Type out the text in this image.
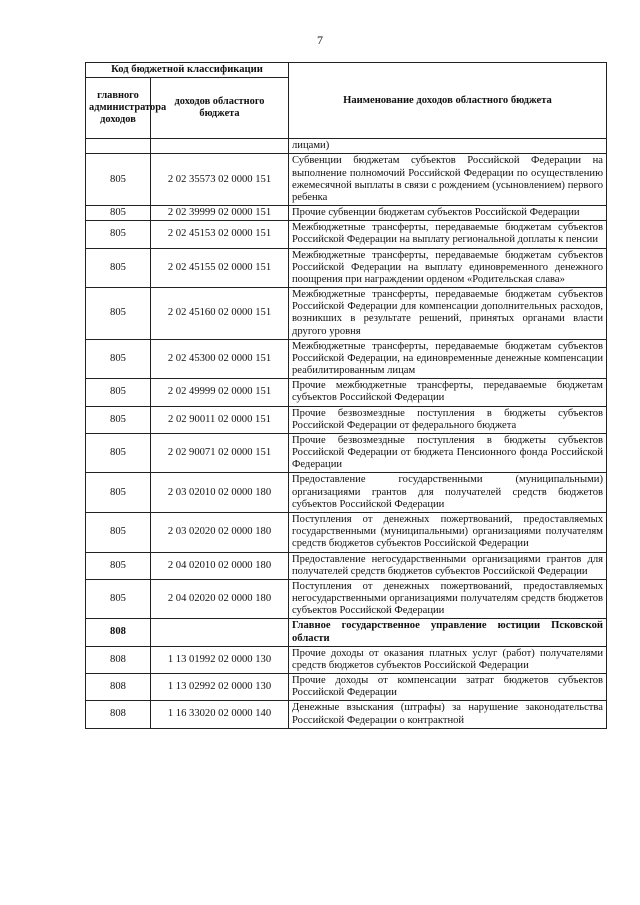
7
Код бюджетной классификации		Наименование доходов областного бюджета
главного администратора доходов	доходов областного бюджета	
		лицами)
805	2 02 35573 02 0000 151	Субвенции бюджетам субъектов Российской Федерации на выполнение полномочий Российской Федерации по осуществлению ежемесячной выплаты в связи с рождением (усыновлением) первого ребенка
805	2 02 39999 02 0000 151	Прочие субвенции бюджетам субъектов Российской Федерации
805	2 02 45153 02 0000 151	Межбюджетные трансферты, передаваемые бюджетам субъектов Российской Федерации на выплату региональной доплаты к пенсии
805	2 02 45155 02 0000 151	Межбюджетные трансферты, передаваемые бюджетам субъектов Российской Федерации на выплату единовременного денежного поощрения при награждении орденом «Родительская слава»
805	2 02 45160 02 0000 151	Межбюджетные трансферты, передаваемые бюджетам субъектов Российской Федерации для компенсации дополнительных расходов, возникших в результате решений, принятых органами власти другого уровня
805	2 02 45300 02 0000 151	Межбюджетные трансферты, передаваемые бюджетам субъектов Российской Федерации, на единовременные денежные компенсации реабилитированным лицам
805	2 02 49999 02 0000 151	Прочие межбюджетные трансферты, передаваемые бюджетам субъектов Российской Федерации
805	2 02 90011 02 0000 151	Прочие безвозмездные поступления в бюджеты субъектов Российской Федерации от федерального бюджета
805	2 02 90071 02 0000 151	Прочие безвозмездные поступления в бюджеты субъектов Российской Федерации от бюджета Пенсионного фонда Российской Федерации
805	2 03 02010 02 0000 180	Предоставление государственными (муниципальными) организациями грантов для получателей средств бюджетов субъектов Российской Федерации
805	2 03 02020 02 0000 180	Поступления от денежных пожертвований, предоставляемых государственными (муниципальными) организациями получателям средств бюджетов субъектов Российской Федерации
805	2 04 02010 02 0000 180	Предоставление негосударственными организациями грантов для получателей средств бюджетов субъектов Российской Федерации
805	2 04 02020 02 0000 180	Поступления от денежных пожертвований, предоставляемых негосударственными организациями получателям средств бюджетов субъектов Российской Федерации
808		Главное государственное управление юстиции Псковской области
808	1 13 01992 02 0000 130	Прочие доходы от оказания платных услуг (работ) получателями средств бюджетов субъектов Российской Федерации
808	1 13 02992 02 0000 130	Прочие доходы от компенсации затрат бюджетов субъектов Российской Федерации
808	1 16 33020 02 0000 140	Денежные взыскания (штрафы) за нарушение законодательства Российской Федерации о контрактной
